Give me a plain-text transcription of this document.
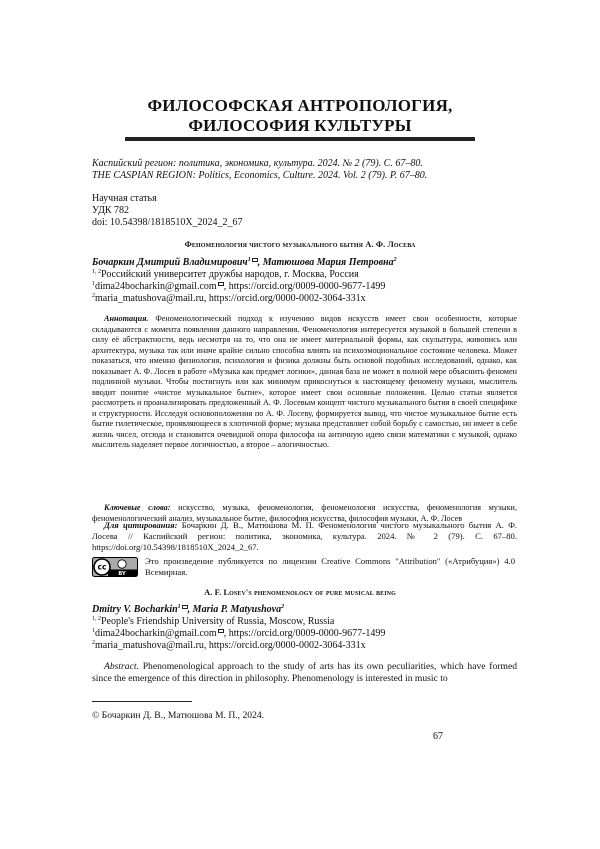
ФИЛОСОФСКАЯ АНТРОПОЛОГИЯ,
ФИЛОСОФИЯ КУЛЬТУРЫ
Каспийский регион: политика, экономика, культура. 2024. № 2 (79). С. 67–80.
THE CASPIAN REGION: Politics, Economics, Culture. 2024. Vol. 2 (79). P. 67–80.
Научная статья
УДК 782
doi: 10.54398/1818510X_2024_2_67
Феноменология чистого музыкального бытия А. Ф. Лосева
Бочаркин Дмитрий Владимирович$^1$ , Матюшова Мария Петровна$^2$
$^{1, 2}$Российский университет дружбы народов, г. Москва, Россия
$^1$dima24bocharkin@gmail.com , https://orcid.org/0009-0000-9677-1499
$^2$maria_matushova@mail.ru, https://orcid.org/0000-0002-3064-331x
Аннотация. Феноменологический подход к изучению видов искусств имеет свои особенности, которые складываются с момента появления данного направления. Феноменология интересуется музыкой в большей степени в силу её абстрактности, ведь несмотря на то, что она не имеет материальной формы, как скульптура, живопись или архитектура, музыка так или иначе крайне сильно способна влиять на психоэмоциональное состояние человека. Может показаться, что именно физиология, психология и физика должны быть основой подобных исследований, однако, как показывает А. Ф. Лосев в работе «Музыка как предмет логики», данная база не может в полной мере объяснить феномен подлинной музыки. Чтобы постигнуть или как минимум прикоснуться к настоящему феномену музыки, мыслитель вводит понятие «чистое музыкальное бытие», которое имеет свои основные положения. Целью статьи является рассмотреть и проанализировать предложенный А. Ф. Лосевым концепт чистого музыкального бытия в своей специфике и структурности. Исследуя основоположения по А. Ф. Лосеву, формируется вывод, что чистое музыкальное бытие есть бытие гилетическое, проявляющееся в хлотичной форме; музыка представляет собой борьбу с самостью, но имеет в себе жизнь чисел, отсюда и становится очевидной опора философа на античную идею связи математики с музыкой, однако мыслитель наделяет первое логичностью, а второе – алогичностью.
Ключевые слова: искусство, музыка, феноменология, феноменология искусства, феноменология музыки, феноменологический анализ, музыкальное бытие, философия искусства, философия музыки, А. Ф. Лосев
Для цитирования: Бочаркин Д. В., Матюшова М. П. Феноменология чистого музыкального бытия А. Ф. Лосева // Каспийский регион: политика, экономика, культура. 2024. № 2 (79). С. 67–80. https://doi.org/10.54398/1818510X_2024_2_67.
cc
BY
Это произведение публикуется по лицензии Creative Commons "Attribution" («Атрибуция») 4.0 Всемирная.
A. F. Losev's phenomenology of pure musical being
Dmitry V. Bocharkin$^1$ , Maria P. Matyushova$^2$
$^{1, 2}$People's Friendship University of Russia, Moscow, Russia
$^1$dima24bocharkin@gmail.com , https://orcid.org/0009-0000-9677-1499
$^2$maria_matushova@mail.ru, https://orcid.org/0000-0002-3064-331x
Abstract. Phenomenological approach to the study of arts has its own peculiarities, which have formed since the emergence of this direction in philosophy. Phenomenology is interested in music to
© Бочаркин Д. В., Матюшова М. П., 2024.
67
